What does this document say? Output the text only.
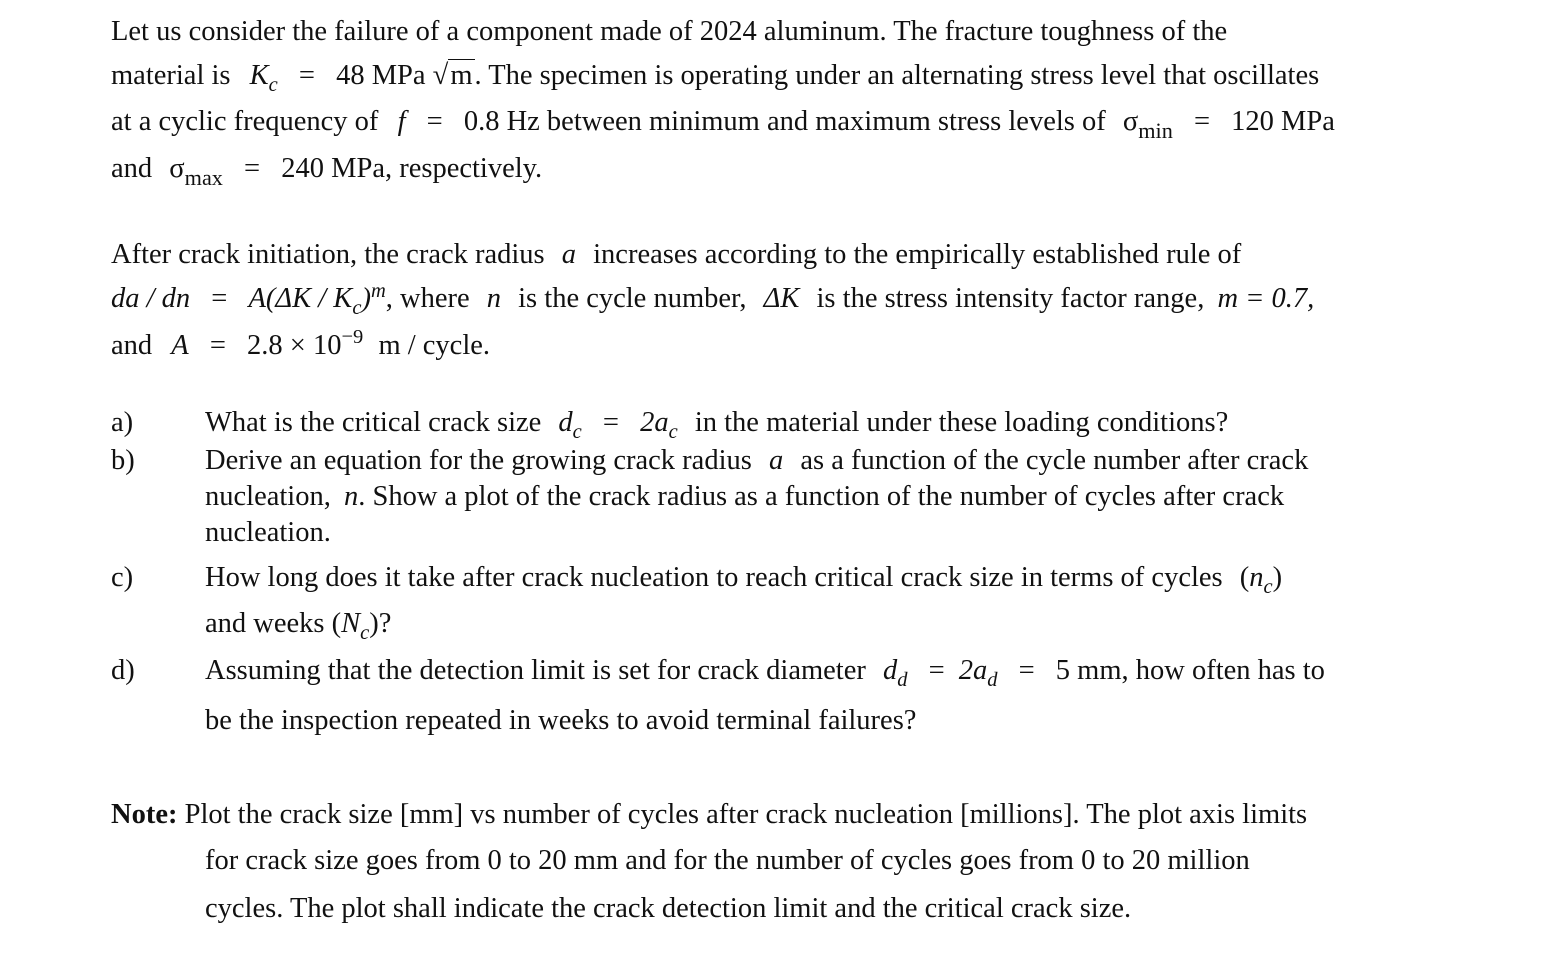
Let us consider the failure of a component made of 2024 aluminum. The fracture toughness of the
material is $K_c = 48$ MPa √m. The specimen is operating under an alternating stress level that oscillates
at a cyclic frequency of f = 0.8 Hz between minimum and maximum stress levels of $\sigma_{min} = 120$ MPa
and $\sigma_{max} = 240$ MPa, respectively.
After crack initiation, the crack radius a increases according to the empirically established rule of
da / dn = $A(\Delta K / K_c)^m$, where n is the cycle number, ΔK is the stress intensity factor range, m = 0.7,
and $A = 2.8 \times 10^{-9}$ m / cycle.
a)	What is the critical crack size $d_c = 2a_c$ in the material under these loading conditions?
b) Derive an equation for the growing crack radius a as a function of the cycle number after crack
nucleation, n. Show a plot of the crack radius as a function of the number of cycles after crack
nucleation.
c)	How long does it take after crack nucleation to reach critical crack size in terms of cycles $(n_c)$
and weeks $(N_c)$?
d) Assuming that the detection limit is set for crack diameter $d_d = 2a_d = 5$ mm, how often has to
be the inspection repeated in weeks to avoid terminal failures?
Note: Plot the crack size [mm] vs number of cycles after crack nucleation [millions]. The plot axis limits
for crack size goes from 0 to 20 mm and for the number of cycles goes from 0 to 20 million
cycles. The plot shall indicate the crack detection limit and the critical crack size.
